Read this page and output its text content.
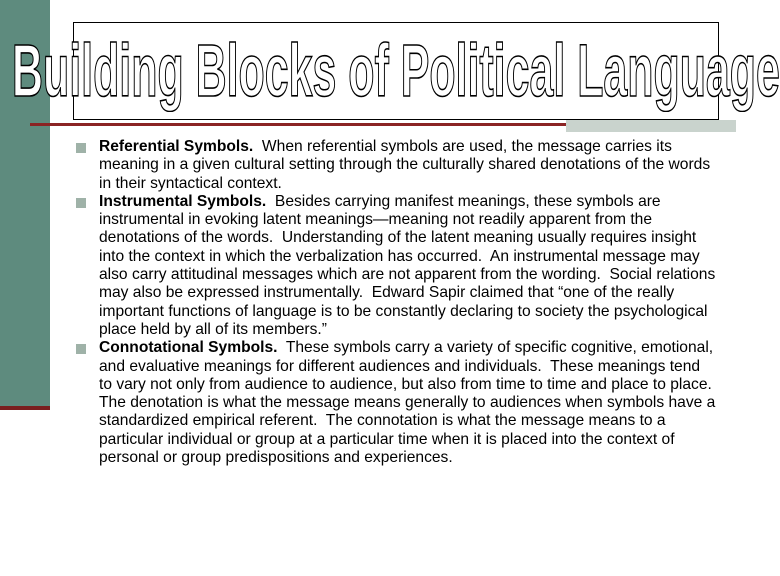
Building Blocks of Political Language
Referential Symbols.  When referential symbols are used, the message carries its meaning in a given cultural setting through the culturally shared denotations of the words in their syntactical context.
Instrumental Symbols.  Besides carrying manifest meanings, these symbols are instrumental in evoking latent meanings—meaning not readily apparent from the denotations of the words.  Understanding of the latent meaning usually requires insight into the context in which the verbalization has occurred.  An instrumental message may also carry attitudinal messages which are not apparent from the wording.  Social relations may also be expressed instrumentally.  Edward Sapir claimed that “one of the really important functions of language is to be constantly declaring to society the psychological place held by all of its members.”
Connotational Symbols.  These symbols carry a variety of specific cognitive, emotional, and evaluative meanings for different audiences and individuals.  These meanings tend to vary not only from audience to audience, but also from time to time and place to place.  The denotation is what the message means generally to audiences when symbols have a standardized empirical referent.  The connotation is what the message means to a particular individual or group at a particular time when it is placed into the context of personal or group predispositions and experiences.
